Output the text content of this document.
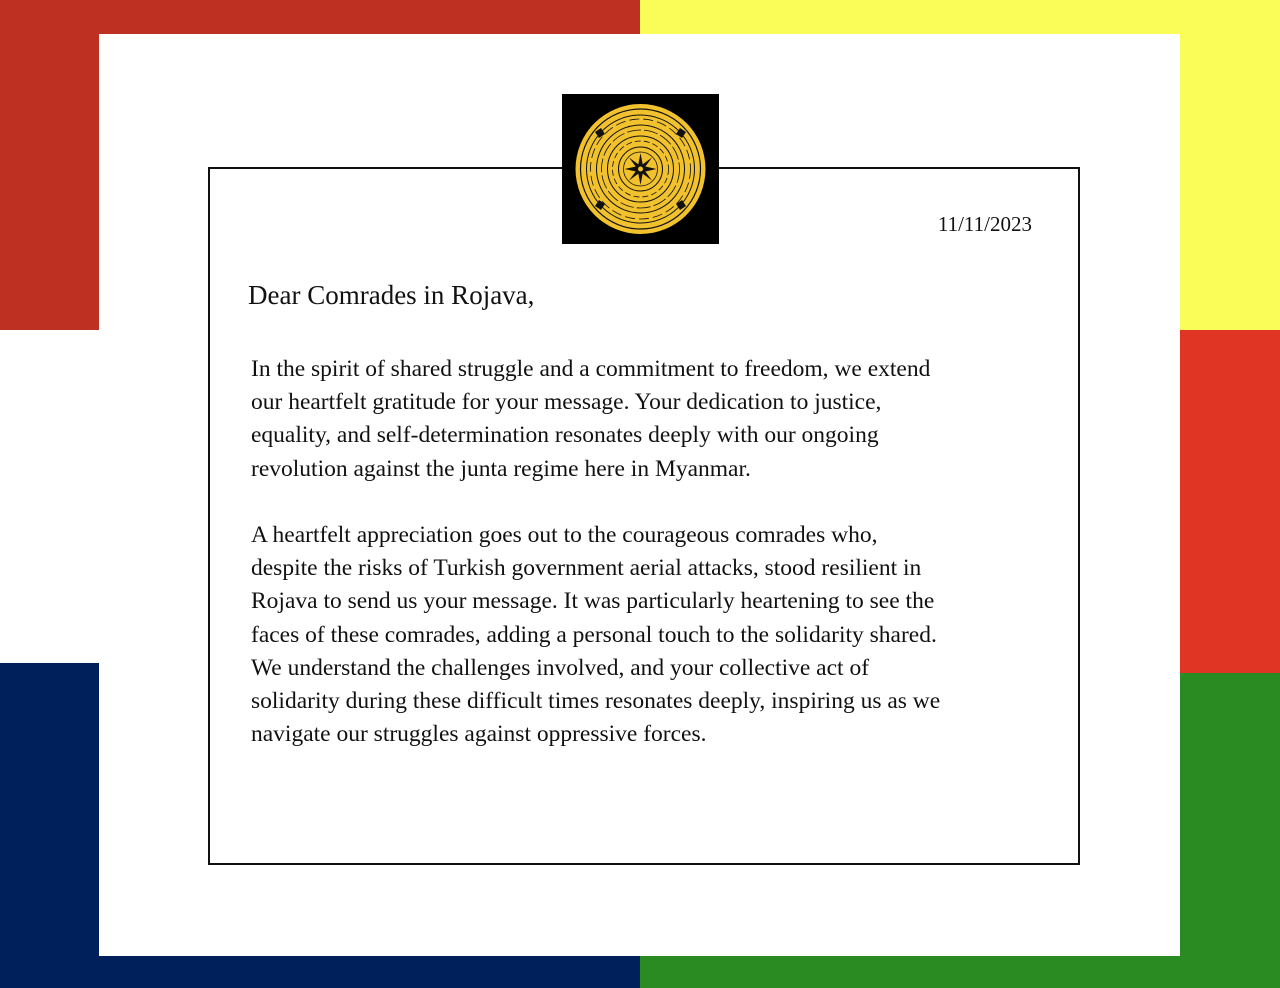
11/11/2023
Dear Comrades in Rojava,
In the spirit of shared struggle and a commitment to freedom, we extend
our heartfelt gratitude for your message. Your dedication to justice,
equality, and self-determination resonates deeply with our ongoing
revolution against the junta regime here in Myanmar.
A heartfelt appreciation goes out to the courageous comrades who,
despite the risks of Turkish government aerial attacks, stood resilient in
Rojava to send us your message. It was particularly heartening to see the
faces of these comrades, adding a personal touch to the solidarity shared.
We understand the challenges involved, and your collective act of
solidarity during these difficult times resonates deeply, inspiring us as we
navigate our struggles against oppressive forces.
